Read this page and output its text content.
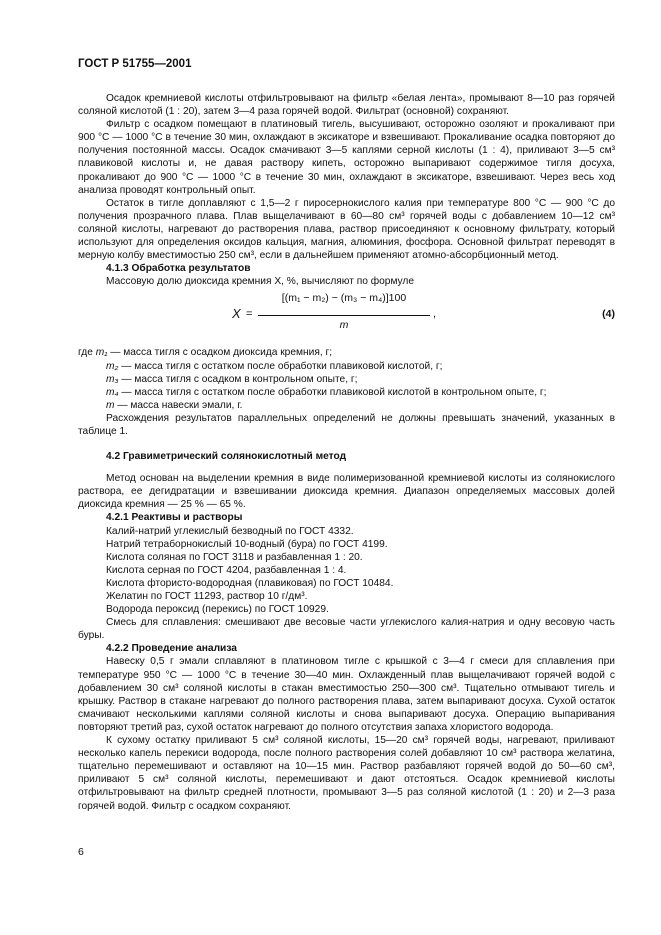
ГОСТ Р 51755—2001

Осадок кремниевой кислоты отфильтровывают на фильтр «белая лента», промывают 8—10 раз горячей соляной кислотой (1 : 20), затем 3—4 раза горячей водой. Фильтрат (основной) сохраняют.

Фильтр с осадком помещают в платиновый тигель, высушивают, осторожно озоляют и прокаливают при 900 °С — 1000 °С в течение 30 мин, охлаждают в эксикаторе и взвешивают. Прокаливание осадка повторяют до получения постоянной массы. Осадок смачивают 3—5 каплями серной кислоты (1 : 4), приливают 3—5 см³ плавиковой кислоты и, не давая раствору кипеть, осторожно выпаривают содержимое тигля досуха, прокаливают до 900 °С — 1000 °С в течение 30 мин, охлаждают в эксикаторе, взвешивают. Через весь ход анализа проводят контрольный опыт.

Остаток в тигле доплавляют с 1,5—2 г пиросернокислого калия при температуре 800 °С — 900 °С до получения прозрачного плава. Плав выщелачивают в 60—80 см³ горячей воды с добавлением 10—12 см³ соляной кислоты, нагревают до растворения плава, раствор присоединяют к основному фильтрату, который используют для определения оксидов кальция, магния, алюминия, фосфора. Основной фильтрат переводят в мерную колбу вместимостью 250 см³, если в дальнейшем применяют атомно-абсорбционный метод.

4.1.3 Обработка результатов

Массовую долю диоксида кремния X, %, вычисляют по формуле

X =
[(m₁ − m₂) − (m₃ − m₄)]100
m
,	(4)
где m₁ — масса тигля с осадком диоксида кремния, г;
m₂ — масса тигля с остатком после обработки плавиковой кислотой, г;
m₃ — масса тигля с осадком в контрольном опыте, г;
m₄ — масса тигля с остатком после обработки плавиковой кислотой в контрольном опыте, г;
m — масса навески эмали, г.

Расхождения результатов параллельных определений не должны превышать значений, указанных в таблице 1.

4.2 Гравиметрический солянокислотный метод

Метод основан на выделении кремния в виде полимеризованной кремниевой кислоты из солянокислого раствора, ее дегидратации и взвешивании диоксида кремния. Диапазон определяемых массовых долей диоксида кремния — 25 % — 65 %.

4.2.1 Реактивы и растворы

Калий-натрий углекислый безводный по ГОСТ 4332.

Натрий тетраборнокислый 10-водный (бура) по ГОСТ 4199.

Кислота соляная по ГОСТ 3118 и разбавленная 1 : 20.

Кислота серная по ГОСТ 4204, разбавленная 1 : 4.

Кислота фтористо-водородная (плавиковая) по ГОСТ 10484.

Желатин по ГОСТ 11293, раствор 10 г/дм³.

Водорода пероксид (перекись) по ГОСТ 10929.

Смесь для сплавления: смешивают две весовые части углекислого калия-натрия и одну весовую часть буры.

4.2.2 Проведение анализа

Навеску 0,5 г эмали сплавляют в платиновом тигле с крышкой с 3—4 г смеси для сплавления при температуре 950 °С — 1000 °С в течение 30—40 мин. Охлажденный плав выщелачивают горячей водой с добавлением 30 см³ соляной кислоты в стакан вместимостью 250—300 см³. Тщательно отмывают тигель и крышку. Раствор в стакане нагревают до полного растворения плава, затем выпаривают досуха. Сухой остаток смачивают несколькими каплями соляной кислоты и снова выпаривают досуха. Операцию выпаривания повторяют третий раз, сухой остаток нагревают до полного отсутствия запаха хлористого водорода.

К сухому остатку приливают 5 см³ соляной кислоты, 15—20 см³ горячей воды, нагревают, приливают несколько капель перекиси водорода, после полного растворения солей добавляют 10 см³ раствора желатина, тщательно перемешивают и оставляют на 10—15 мин. Раствор разбавляют горячей водой до 50—60 см³, приливают 5 см³ соляной кислоты, перемешивают и дают отстояться. Осадок кремниевой кислоты отфильтровывают на фильтр средней плотности, промывают 3—5 раз соляной кислотой (1 : 20) и 2—3 раза горячей водой. Фильтр с осадком сохраняют.

6
